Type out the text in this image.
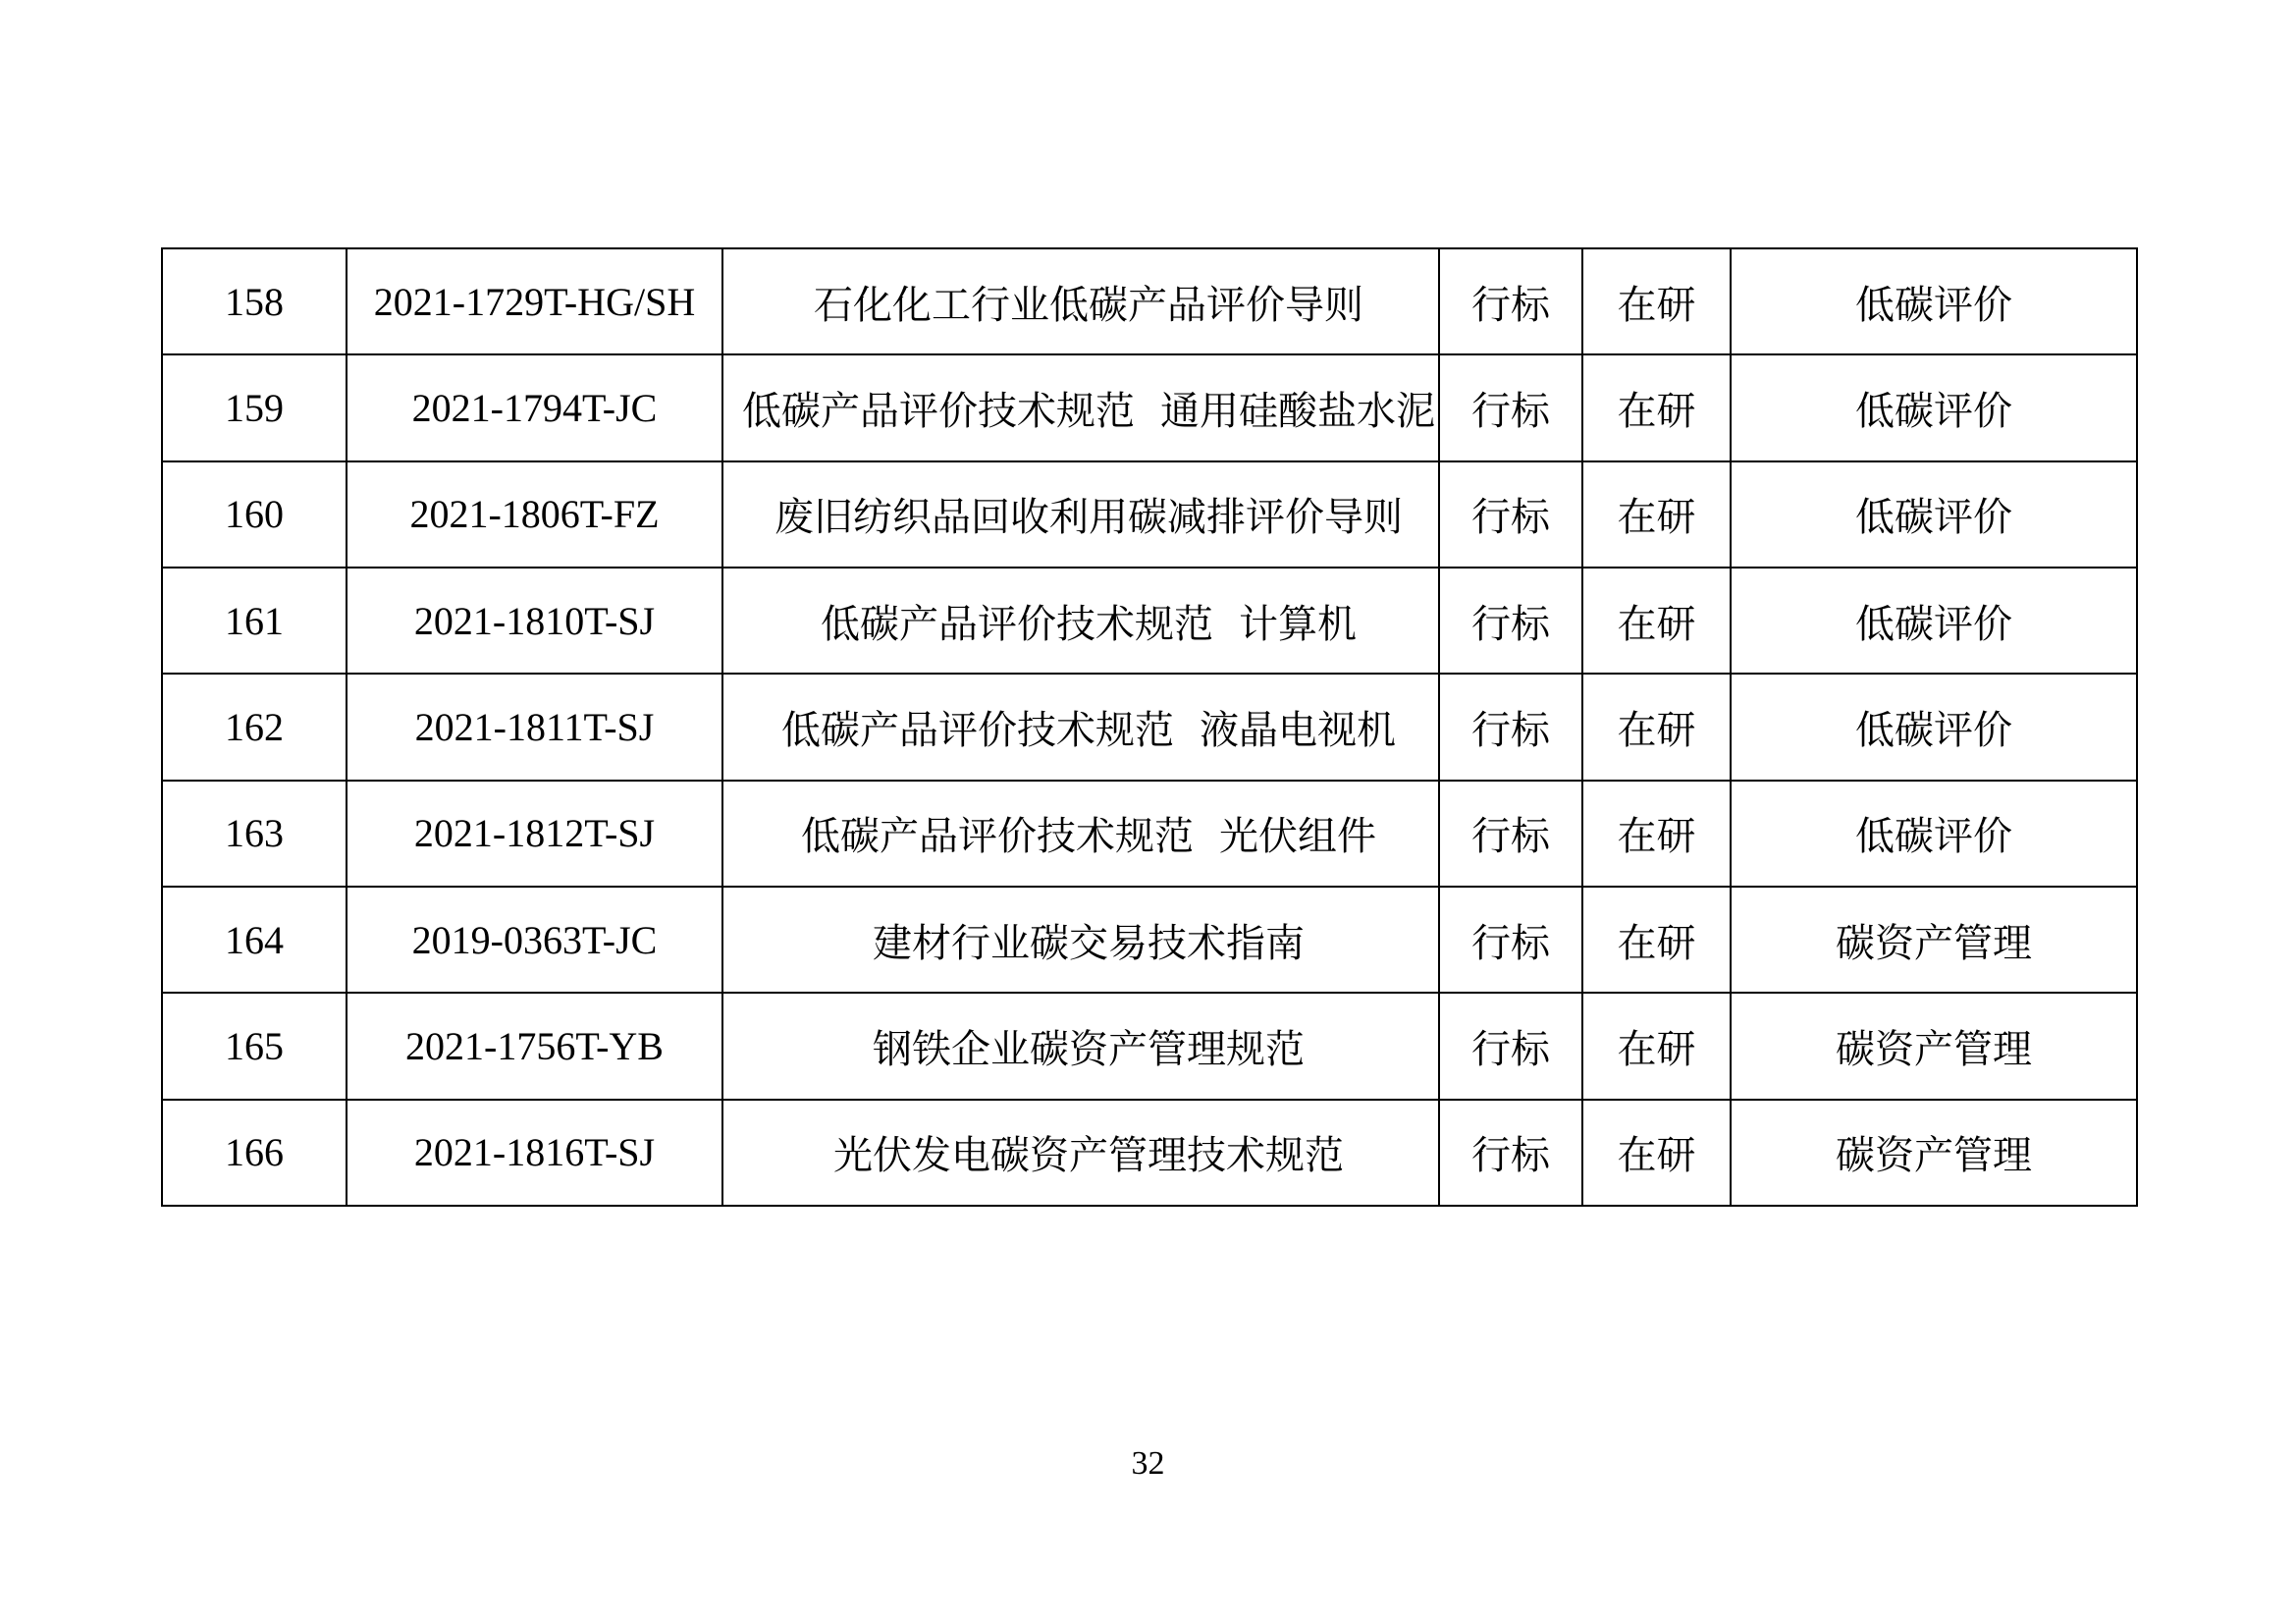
158	2021-1729T-HG/SH	石化化工行业低碳产品评价导则	行标	在研	低碳评价
159	2021-1794T-JC	低碳产品评价技术规范 通用硅酸盐水泥	行标	在研	低碳评价
160	2021-1806T-FZ	废旧纺织品回收利用碳减排评价导则	行标	在研	低碳评价
161	2021-1810T-SJ	低碳产品评价技术规范 计算机	行标	在研	低碳评价
162	2021-1811T-SJ	低碳产品评价技术规范 液晶电视机	行标	在研	低碳评价
163	2021-1812T-SJ	低碳产品评价技术规范 光伏组件	行标	在研	低碳评价
164	2019-0363T-JC	建材行业碳交易技术指南	行标	在研	碳资产管理
165	2021-1756T-YB	钢铁企业碳资产管理规范	行标	在研	碳资产管理
166	2021-1816T-SJ	光伏发电碳资产管理技术规范	行标	在研	碳资产管理
32
